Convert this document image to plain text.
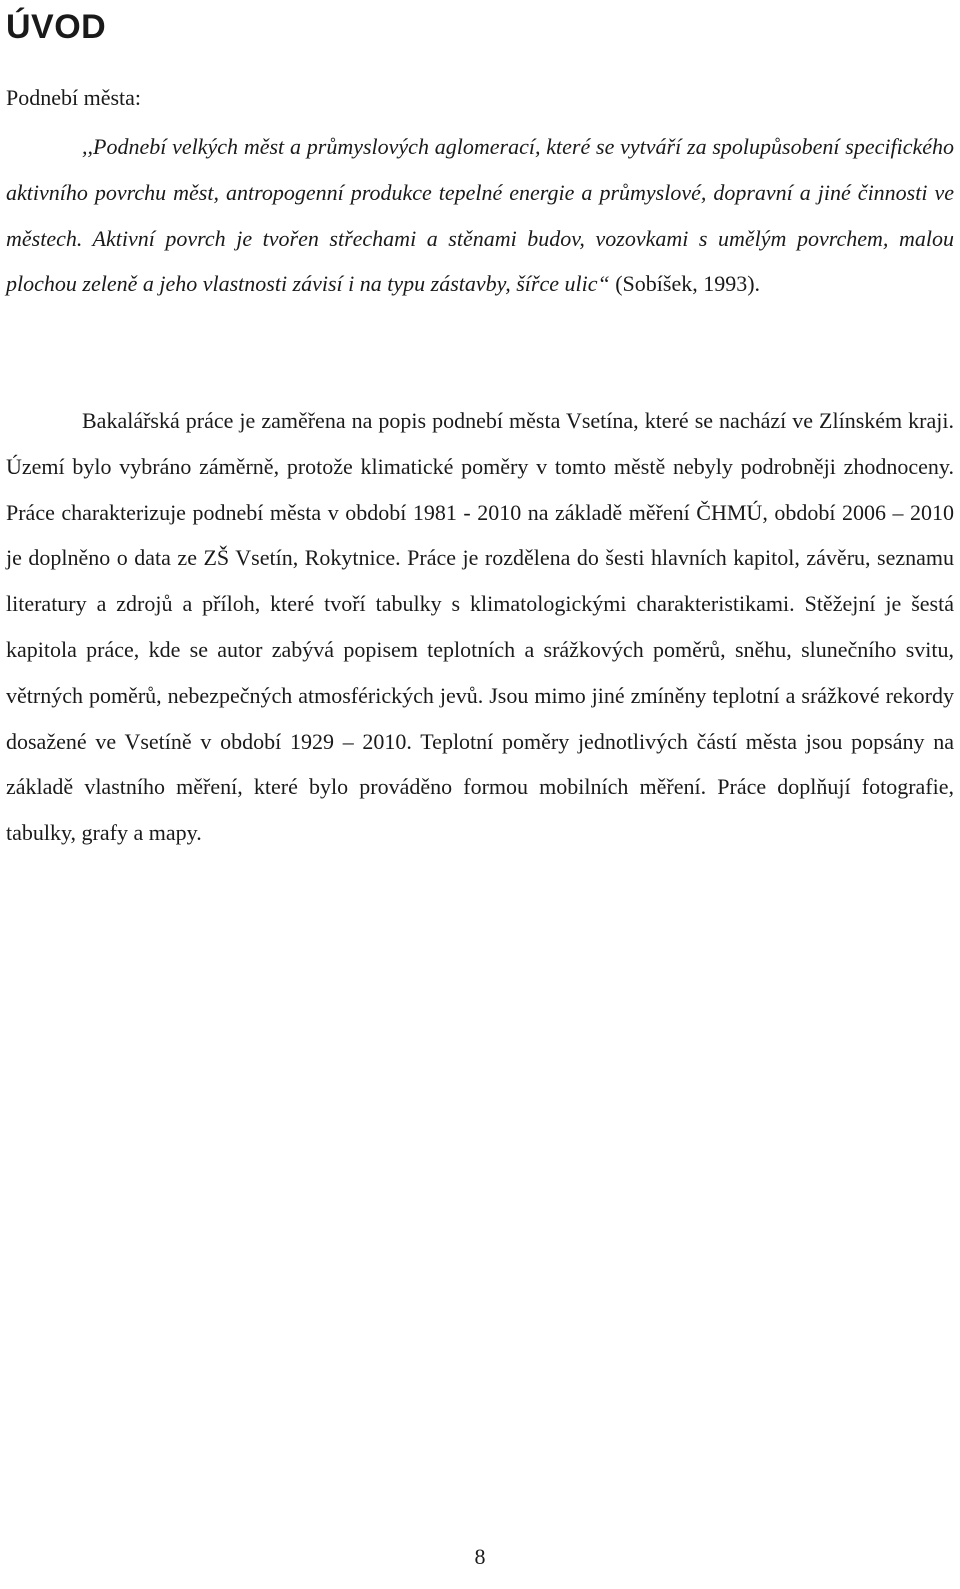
ÚVOD

Podnebí města:

,,Podnebí velkých měst a průmyslových aglomerací, které se vytváří za spolupůsobení specifického aktivního povrchu měst, antropogenní produkce tepelné energie a průmyslové, dopravní a jiné činnosti ve městech. Aktivní povrch je tvořen střechami a stěnami budov, vozovkami s umělým povrchem, malou plochou zeleně a jeho vlastnosti závisí i na typu zástavby, šířce ulic“ (Sobíšek, 1993).

Bakalářská práce je zaměřena na popis podnebí města Vsetína, které se nachází ve Zlínském kraji. Území bylo vybráno záměrně, protože klimatické poměry v tomto městě nebyly podrobněji zhodnoceny. Práce charakterizuje podnebí města v období 1981 - 2010 na základě měření ČHMÚ, období 2006 – 2010 je doplněno o data ze ZŠ Vsetín, Rokytnice. Práce je rozdělena do šesti hlavních kapitol, závěru, seznamu literatury a zdrojů a příloh, které tvoří tabulky s klimatologickými charakteristikami. Stěžejní je šestá kapitola práce, kde se autor zabývá popisem teplotních a srážkových poměrů, sněhu, slunečního svitu, větrných poměrů, nebezpečných atmosférických jevů. Jsou mimo jiné zmíněny teplotní a srážkové rekordy dosažené ve Vsetíně v období 1929 – 2010. Teplotní poměry jednotlivých částí města jsou popsány na základě vlastního měření, které bylo prováděno formou mobilních měření. Práce doplňují fotografie, tabulky, grafy a mapy.

8
